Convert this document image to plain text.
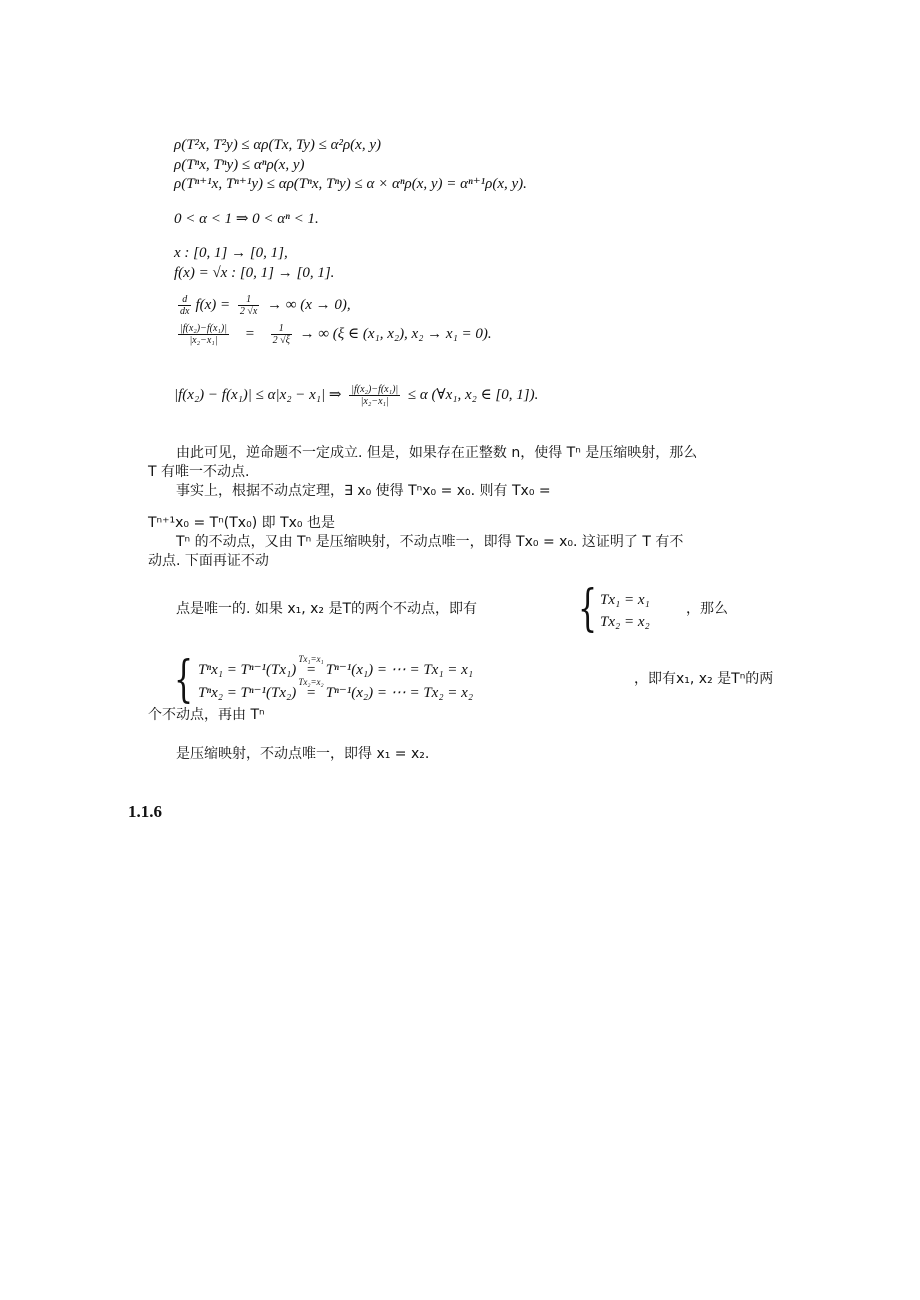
ρ(T²x, T²y) ≤ αρ(Tx, Ty) ≤ α²ρ(x, y)
ρ(Tⁿx, Tⁿy) ≤ αⁿρ(x, y)
ρ(Tⁿ⁺¹x, Tⁿ⁺¹y) ≤ αρ(Tⁿx, Tⁿy) ≤ α × αⁿρ(x, y) = αⁿ⁺¹ρ(x, y).
0 < α < 1 ⇒ 0 < αⁿ < 1.
x : [0, 1] → [0, 1],
f(x) = √x : [0, 1] → [0, 1].
$\frac{d}{dx} f(x) = \frac{1}{2 √x}$ → ∞ (x → 0),
$\frac{\text{|f(x₂)−f(x₁)|}}{\text{|x₂−x₁|}} = \frac{1}{2 √\xi}$ → ∞ (ξ ∈ (x₁, x₂), x₂ → x₁ = 0).
|f(x₂) − f(x₁)| ≤ α|x₂ − x₁| ⇒ $\frac{\text{|f(x₂)−f(x₁)|}}{\text{|x₂−x₁|}} \le \alpha$ (∀x₁, x₂ ∈ [0, 1]).
由此可见，逆命题不一定成立. 但是，如果存在正整数 n，使得 Tⁿ 是压缩映射，那么
T 有唯一不动点.
事实上，根据不动点定理，∃ x₀ 使得 Tⁿx₀ = x₀. 则有 Tx₀ =
Tⁿ⁺¹x₀ = Tⁿ(Tx₀) 即 Tx₀ 也是
Tⁿ 的不动点，又由 Tⁿ 是压缩映射，不动点唯一，即得 Tx₀ = x₀. 这证明了 T 有不
动点. 下面再证不动
点是唯一的. 如果 x₁, x₂ 是T的两个不动点，即有 { Tx₁ = x₁
Tx₂ = x₂
，那么
{ Tⁿx₁ = Tⁿ⁻¹(Tx₁)
Tx₁=x₁
= Tⁿ⁻¹(x₁) = ⋯ = Tx₁ = x₁
Tⁿx₂ = Tⁿ⁻¹(Tx₂)
Tx₂=x₂
= Tⁿ⁻¹(x₂) = ⋯ = Tx₂ = x₂
，即有x₁, x₂ 是Tⁿ的两
个不动点，再由 Tⁿ
是压缩映射，不动点唯一，即得 x₁ = x₂.
1.1.6
